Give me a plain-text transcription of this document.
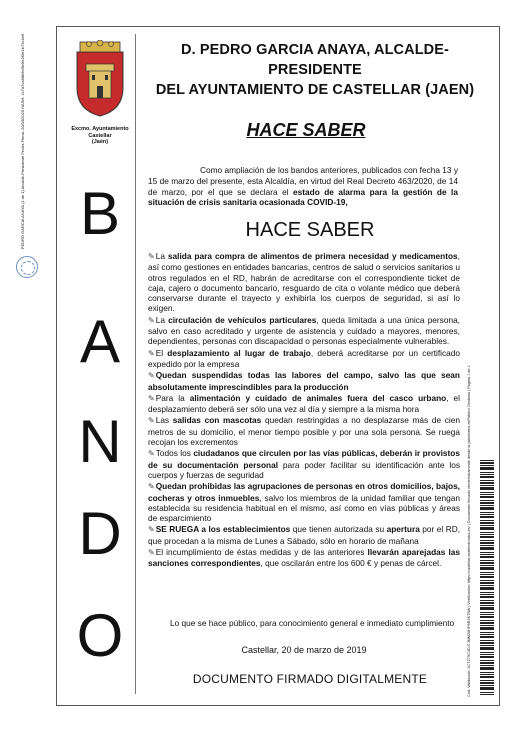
Excmo. Ayuntamiento
Castellar
(Jaén)
B
A
N
D
O
PEDRO GARCIA ANAYA (1 de 1) Alcalde-Presidente Fecha Firma: 20/03/2020 HASH: 2c7a7ca68b5e5b9fe2f0e1b72c4e6	D. PEDRO GARCIA ANAYA, ALCALDE-PRESIDENTE
DEL AYUNTAMIENTO DE CASTELLAR (JAEN)
HACE SABER
Como ampliación de los bandos anteriores, publicados con fecha 13 y 15 de marzo del presente, esta Alcaldía, en virtud del Real Decreto 463/2020, de 14 de marzo, por el que se declara el estado de alarma para la gestión de la situación de crisis sanitaria ocasionada COVID-19,
HACE SABER
✎La salida para compra de alimentos de primera necesidad y medicamentos, así como gestiones en entidades bancarias, centros de salud o servicios sanitarios u otros regulados en el RD, habrán de acreditarse con el correspondiente ticket de caja, cajero o documento bancario, resguardo de cita o volante médico que deberá conservarse durante el trayecto y exhibirla los cuerpos de seguridad, si así lo exigen.
✎La circulación de vehículos particulares, queda limitada a una única persona, salvo en caso acreditado y urgente de asistencia y cuidado a mayores, menores, dependientes, personas con discapacidad o personas especialmente vulnerables.
✎El desplazamiento al lugar de trabajo, deberá acreditarse por un certificado expedido por la empresa
✎Quedan suspendidas todas las labores del campo, salvo las que sean absolutamente imprescindibles para la producción
✎Para la alimentación y cuidado de animales fuera del casco urbano, el desplazamiento deberá ser sólo una vez al día y siempre a la misma hora
✎Las salidas con mascotas quedan restringidas a no desplazarse más de cien metros de su domicilio, el menor tiempo posible y por una sola persona. Se ruega recojan los excrementos
✎Todos los ciudadanos que circulen por las vías públicas, deberán ir provistos de su documentación personal para poder facilitar su identificación ante los cuerpos y fuerzas de seguridad
✎Quedan prohibidas las agrupaciones de personas en otros domicilios, bajos, cocheras y otros inmuebles, salvo los miembros de la unidad familiar que tengan establecida su residencia habitual en el mismo, así como en vías públicas y áreas de esparcimiento
✎SE RUEGA a los establecimientos que tienen autorizada su apertura por el RD, que procedan a la misma de Lunes a Sábado, sólo en horario de mañana
✎El incumplimiento de éstas medidas y de las anteriores llevarán aparejadas las sanciones correspondientes, que oscilarán entre los 600 € y penas de cárcel.
Lo que se hace público, para conocimiento general e inmediato cumplimiento
Castellar, 20 de marzo de 2019
DOCUMENTO FIRMADO DIGITALMENTE	Cód. Validación: 3CTZ79C3DJ7JMMZ6HP6R4KT8W | Verificación: https://castellar.sedelectronica.es/ | Documento firmado electrónicamente desde la plataforma esPublico Gestiona | Página 1 de 1
